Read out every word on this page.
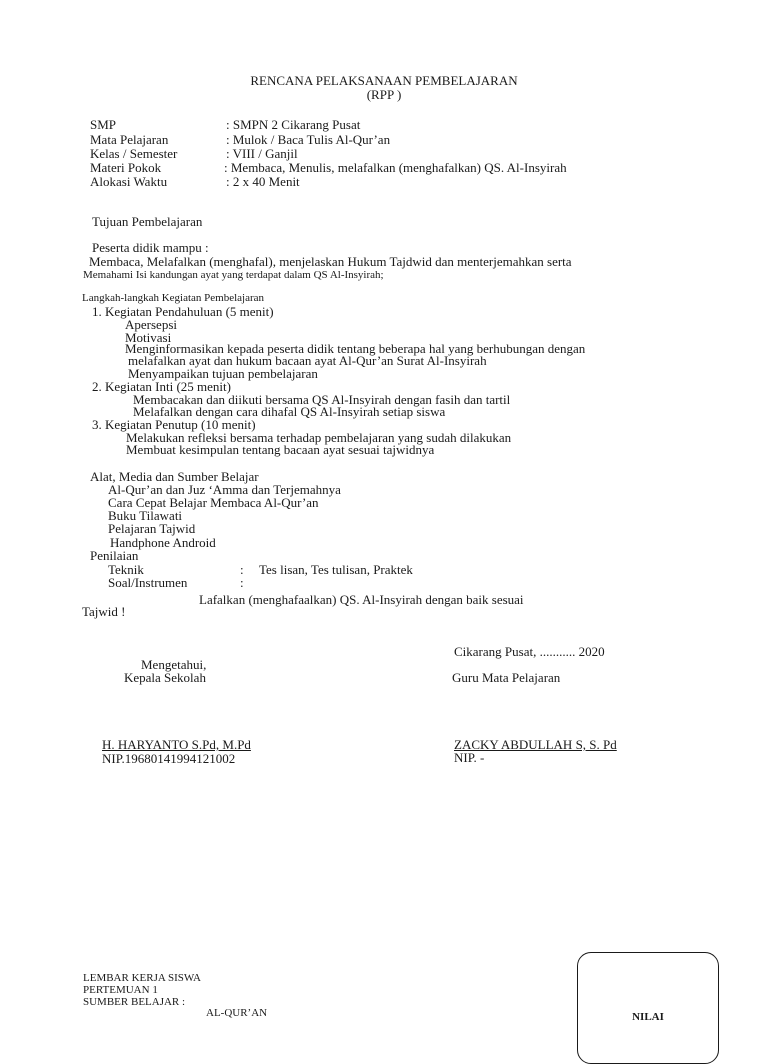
RENCANA PELAKSANAAN PEMBELAJARAN
(RPP )
SMP	: SMPN 2 Cikarang Pusat
Mata Pelajaran	: Mulok / Baca Tulis Al-Qur’an
Kelas / Semester	: VIII / Ganjil
Materi Pokok	: Membaca, Menulis, melafalkan (menghafalkan) QS. Al-Insyirah
Alokasi Waktu	: 2 x 40 Menit
Tujuan Pembelajaran
Peserta didik mampu :
Membaca, Melafalkan (menghafal), menjelaskan Hukum Tajdwid dan menterjemahkan serta
Memahami Isi kandungan ayat yang terdapat dalam QS Al-Insyirah;
Langkah-langkah Kegiatan Pembelajaran
1. Kegiatan Pendahuluan (5 menit)
Apersepsi
Motivasi
Menginformasikan kepada peserta didik tentang beberapa hal yang berhubungan dengan
melafalkan ayat dan hukum bacaan ayat Al-Qur’an Surat Al-Insyirah
Menyampaikan tujuan pembelajaran
2. Kegiatan Inti (25 menit)
Membacakan dan diikuti bersama QS Al-Insyirah dengan fasih dan tartil
Melafalkan dengan cara dihafal QS Al-Insyirah setiap siswa
3. Kegiatan Penutup (10 menit)
Melakukan refleksi bersama terhadap pembelajaran yang sudah dilakukan
Membuat kesimpulan tentang bacaan ayat sesuai tajwidnya
Alat, Media dan Sumber Belajar
Al-Qur’an dan Juz ‘Amma dan Terjemahnya
Cara Cepat Belajar Membaca Al-Qur’an
Buku Tilawati
Pelajaran Tajwid
Handphone Android
Penilaian
Teknik	: Tes lisan, Tes tulisan, Praktek
Soal/Instrumen	:
Lafalkan (menghafaalkan) QS. Al-Insyirah dengan baik sesuai
Tajwid !
Cikarang Pusat, ........... 2020
Mengetahui,
Kepala Sekolah	Guru Mata Pelajaran
H. HARYANTO S.Pd, M.Pd
NIP.19680141994121002
ZACKY ABDULLAH S, S. Pd
NIP. -
LEMBAR KERJA SISWA
PERTEMUAN 1
SUMBER BELAJAR :
AL-QUR’AN	NILAI
